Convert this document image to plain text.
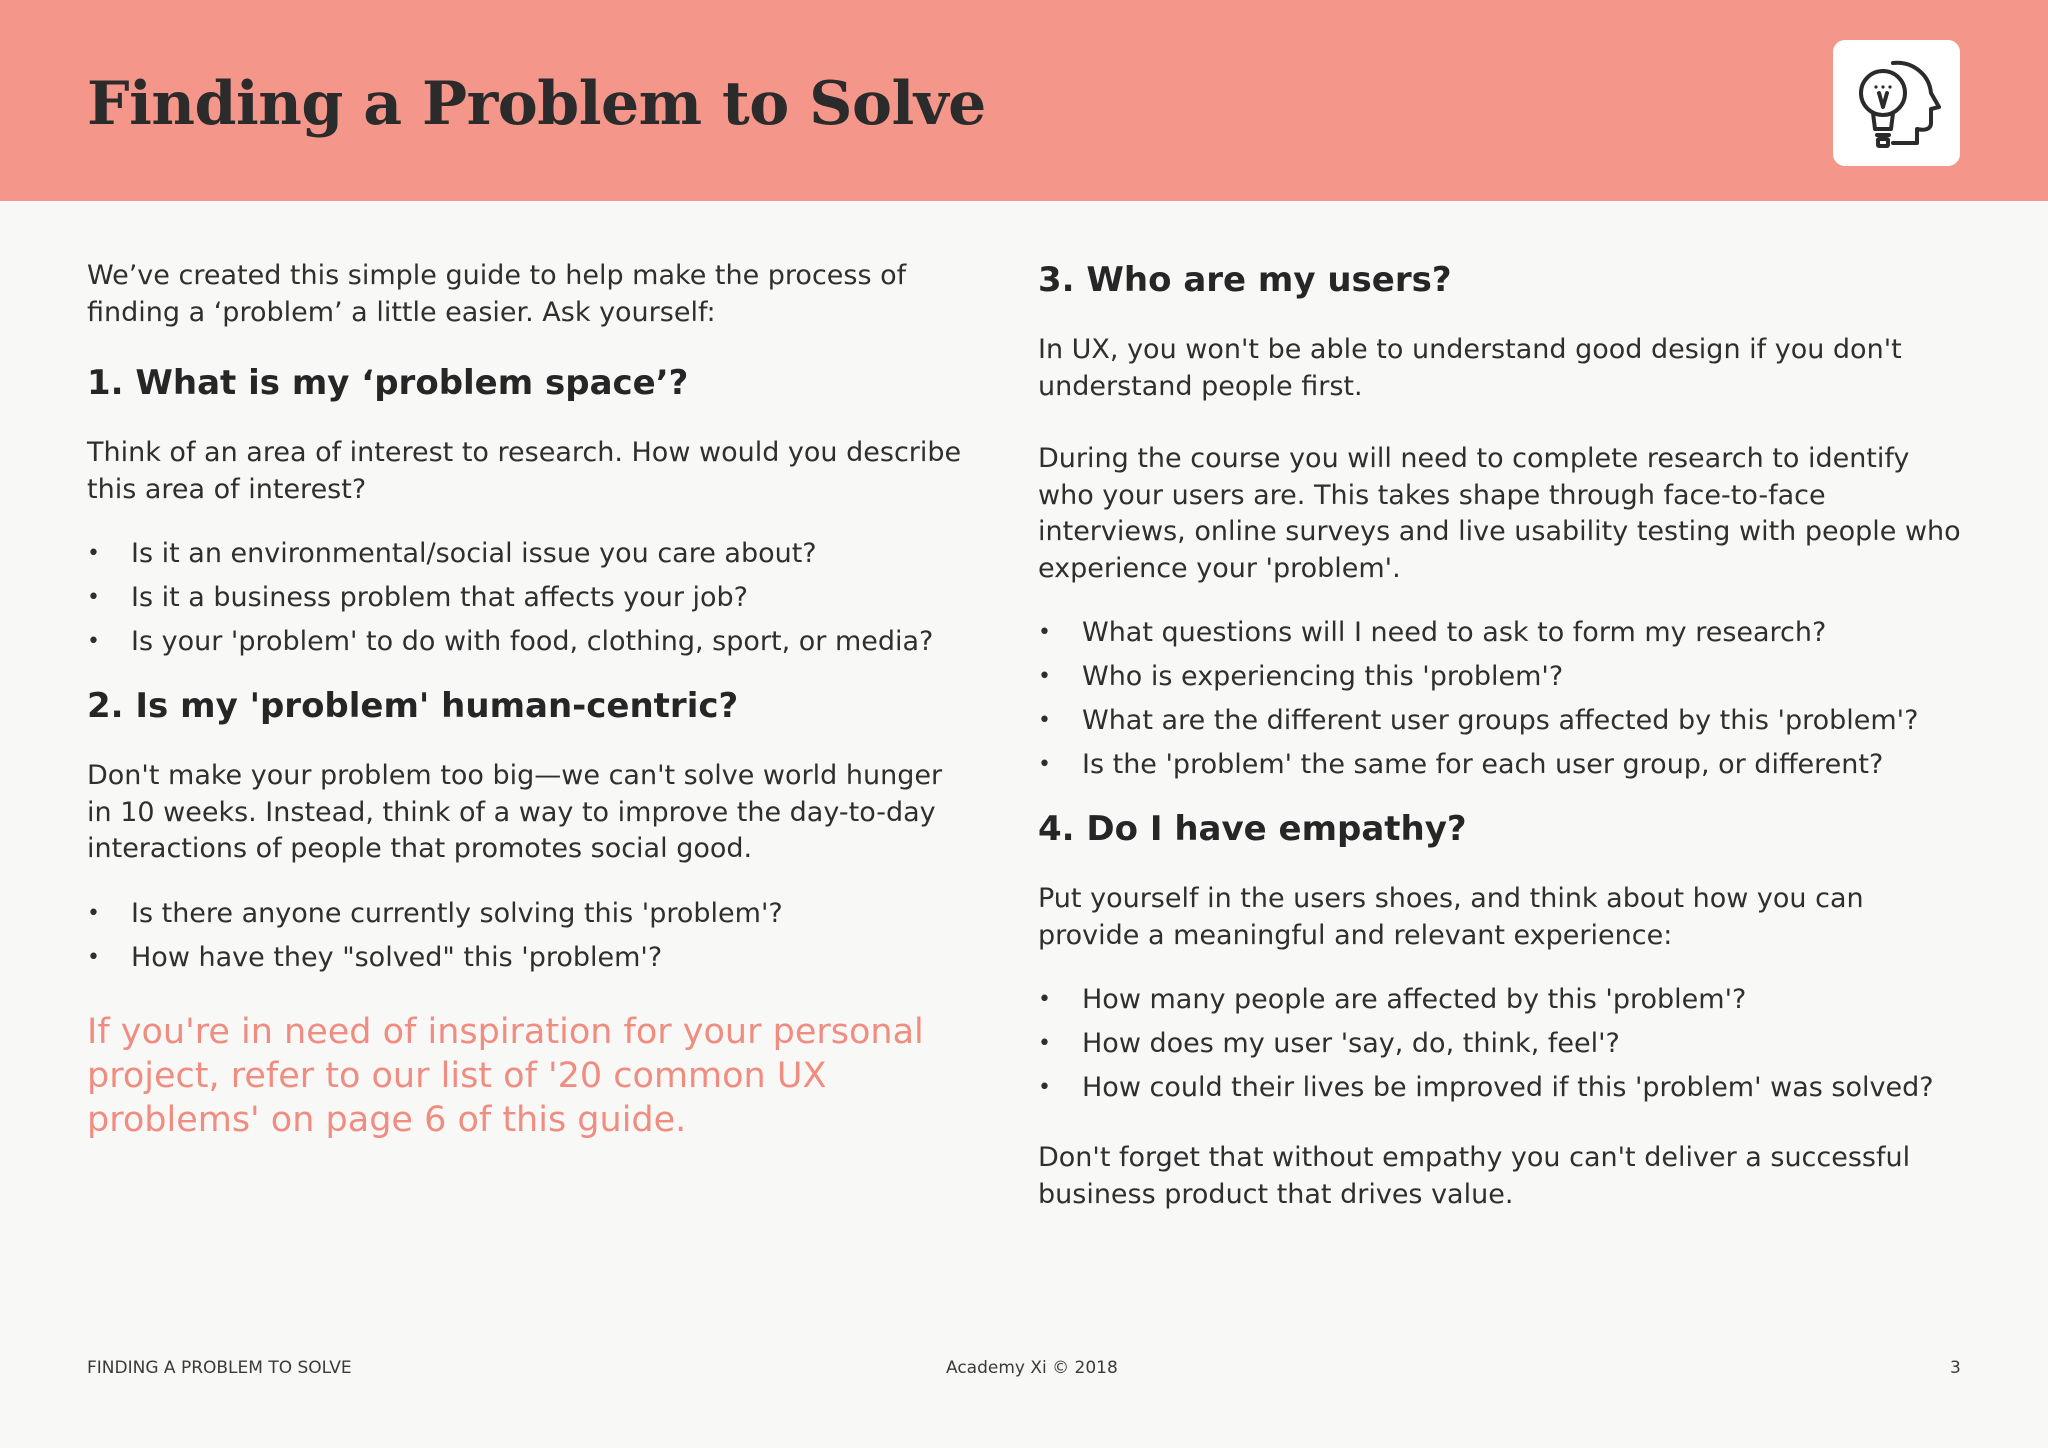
Finding a Problem to Solve

We’ve created this simple guide to help make the process of finding a ‘problem’ a little easier. Ask yourself:

1. What is my ‘problem space’?

Think of an area of interest to research. How would you describe this area of interest?

• Is it an environmental/social issue you care about?
• Is it a business problem that affects your job?
• Is your 'problem' to do with food, clothing, sport, or media?
2. Is my 'problem' human-centric?

Don't make your problem too big—we can't solve world hunger in 10 weeks. Instead, think of a way to improve the day-to-day interactions of people that promotes social good.

• Is there anyone currently solving this 'problem'?
• How have they "solved" this 'problem'?

If you're in need of inspiration for your personal project, refer to our list of '20 common UX problems' on page 6 of this guide.

3. Who are my users?

In UX, you won't be able to understand good design if you don't understand people first.

During the course you will need to complete research to identify who your users are. This takes shape through face-to-face interviews, online surveys and live usability testing with people who experience your 'problem'.

• What questions will I need to ask to form my research?
• Who is experiencing this 'problem'?
• What are the different user groups affected by this 'problem'?
• Is the 'problem' the same for each user group, or different?
4. Do I have empathy?

Put yourself in the users shoes, and think about how you can provide a meaningful and relevant experience:

• How many people are affected by this 'problem'?
• How does my user 'say, do, think, feel'?
• How could their lives be improved if this 'problem' was solved?

Don't forget that without empathy you can't deliver a successful business product that drives value.

FINDING A PROBLEM TO SOLVE	Academy Xi © 2018	3
